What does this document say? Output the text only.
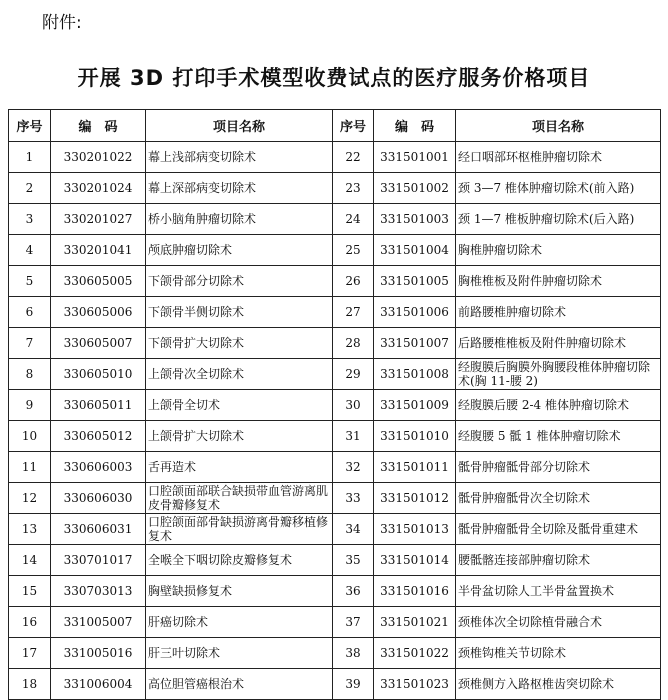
附件:
开展 3D 打印手术模型收费试点的医疗服务价格项目
序号	编　码	项目名称	序号	编　码	项目名称
1	330201022	幕上浅部病变切除术	22	331501001	经口咽部环枢椎肿瘤切除术
2	330201024	幕上深部病变切除术	23	331501002	颈 3—7 椎体肿瘤切除术(前入路)
3	330201027	桥小脑角肿瘤切除术	24	331501003	颈 1—7 椎板肿瘤切除术(后入路)
4	330201041	颅底肿瘤切除术	25	331501004	胸椎肿瘤切除术
5	330605005	下颌骨部分切除术	26	331501005	胸椎椎板及附件肿瘤切除术
6	330605006	下颌骨半侧切除术	27	331501006	前路腰椎肿瘤切除术
7	330605007	下颌骨扩大切除术	28	331501007	后路腰椎椎板及附件肿瘤切除术
8	330605010	上颌骨次全切除术	29	331501008	经腹膜后胸膜外胸腰段椎体肿瘤切除术(胸 11-腰 2)
9	330605011	上颌骨全切术	30	331501009	经腹膜后腰 2-4 椎体肿瘤切除术
10	330605012	上颌骨扩大切除术	31	331501010	经腹腰 5 骶 1 椎体肿瘤切除术
11	330606003	舌再造术	32	331501011	骶骨肿瘤骶骨部分切除术
12	330606030	口腔颌面部联合缺损带血管游离肌皮骨瓣修复术	33	331501012	骶骨肿瘤骶骨次全切除术
13	330606031	口腔颌面部骨缺损游离骨瓣移植修复术	34	331501013	骶骨肿瘤骶骨全切除及骶骨重建术
14	330701017	全喉全下咽切除皮瓣修复术	35	331501014	腰骶髂连接部肿瘤切除术
15	330703013	胸壁缺损修复术	36	331501016	半骨盆切除人工半骨盆置换术
16	331005007	肝癌切除术	37	331501021	颈椎体次全切除植骨融合术
17	331005016	肝三叶切除术	38	331501022	颈椎钩椎关节切除术
18	331006004	高位胆管癌根治术	39	331501023	颈椎侧方入路枢椎齿突切除术
